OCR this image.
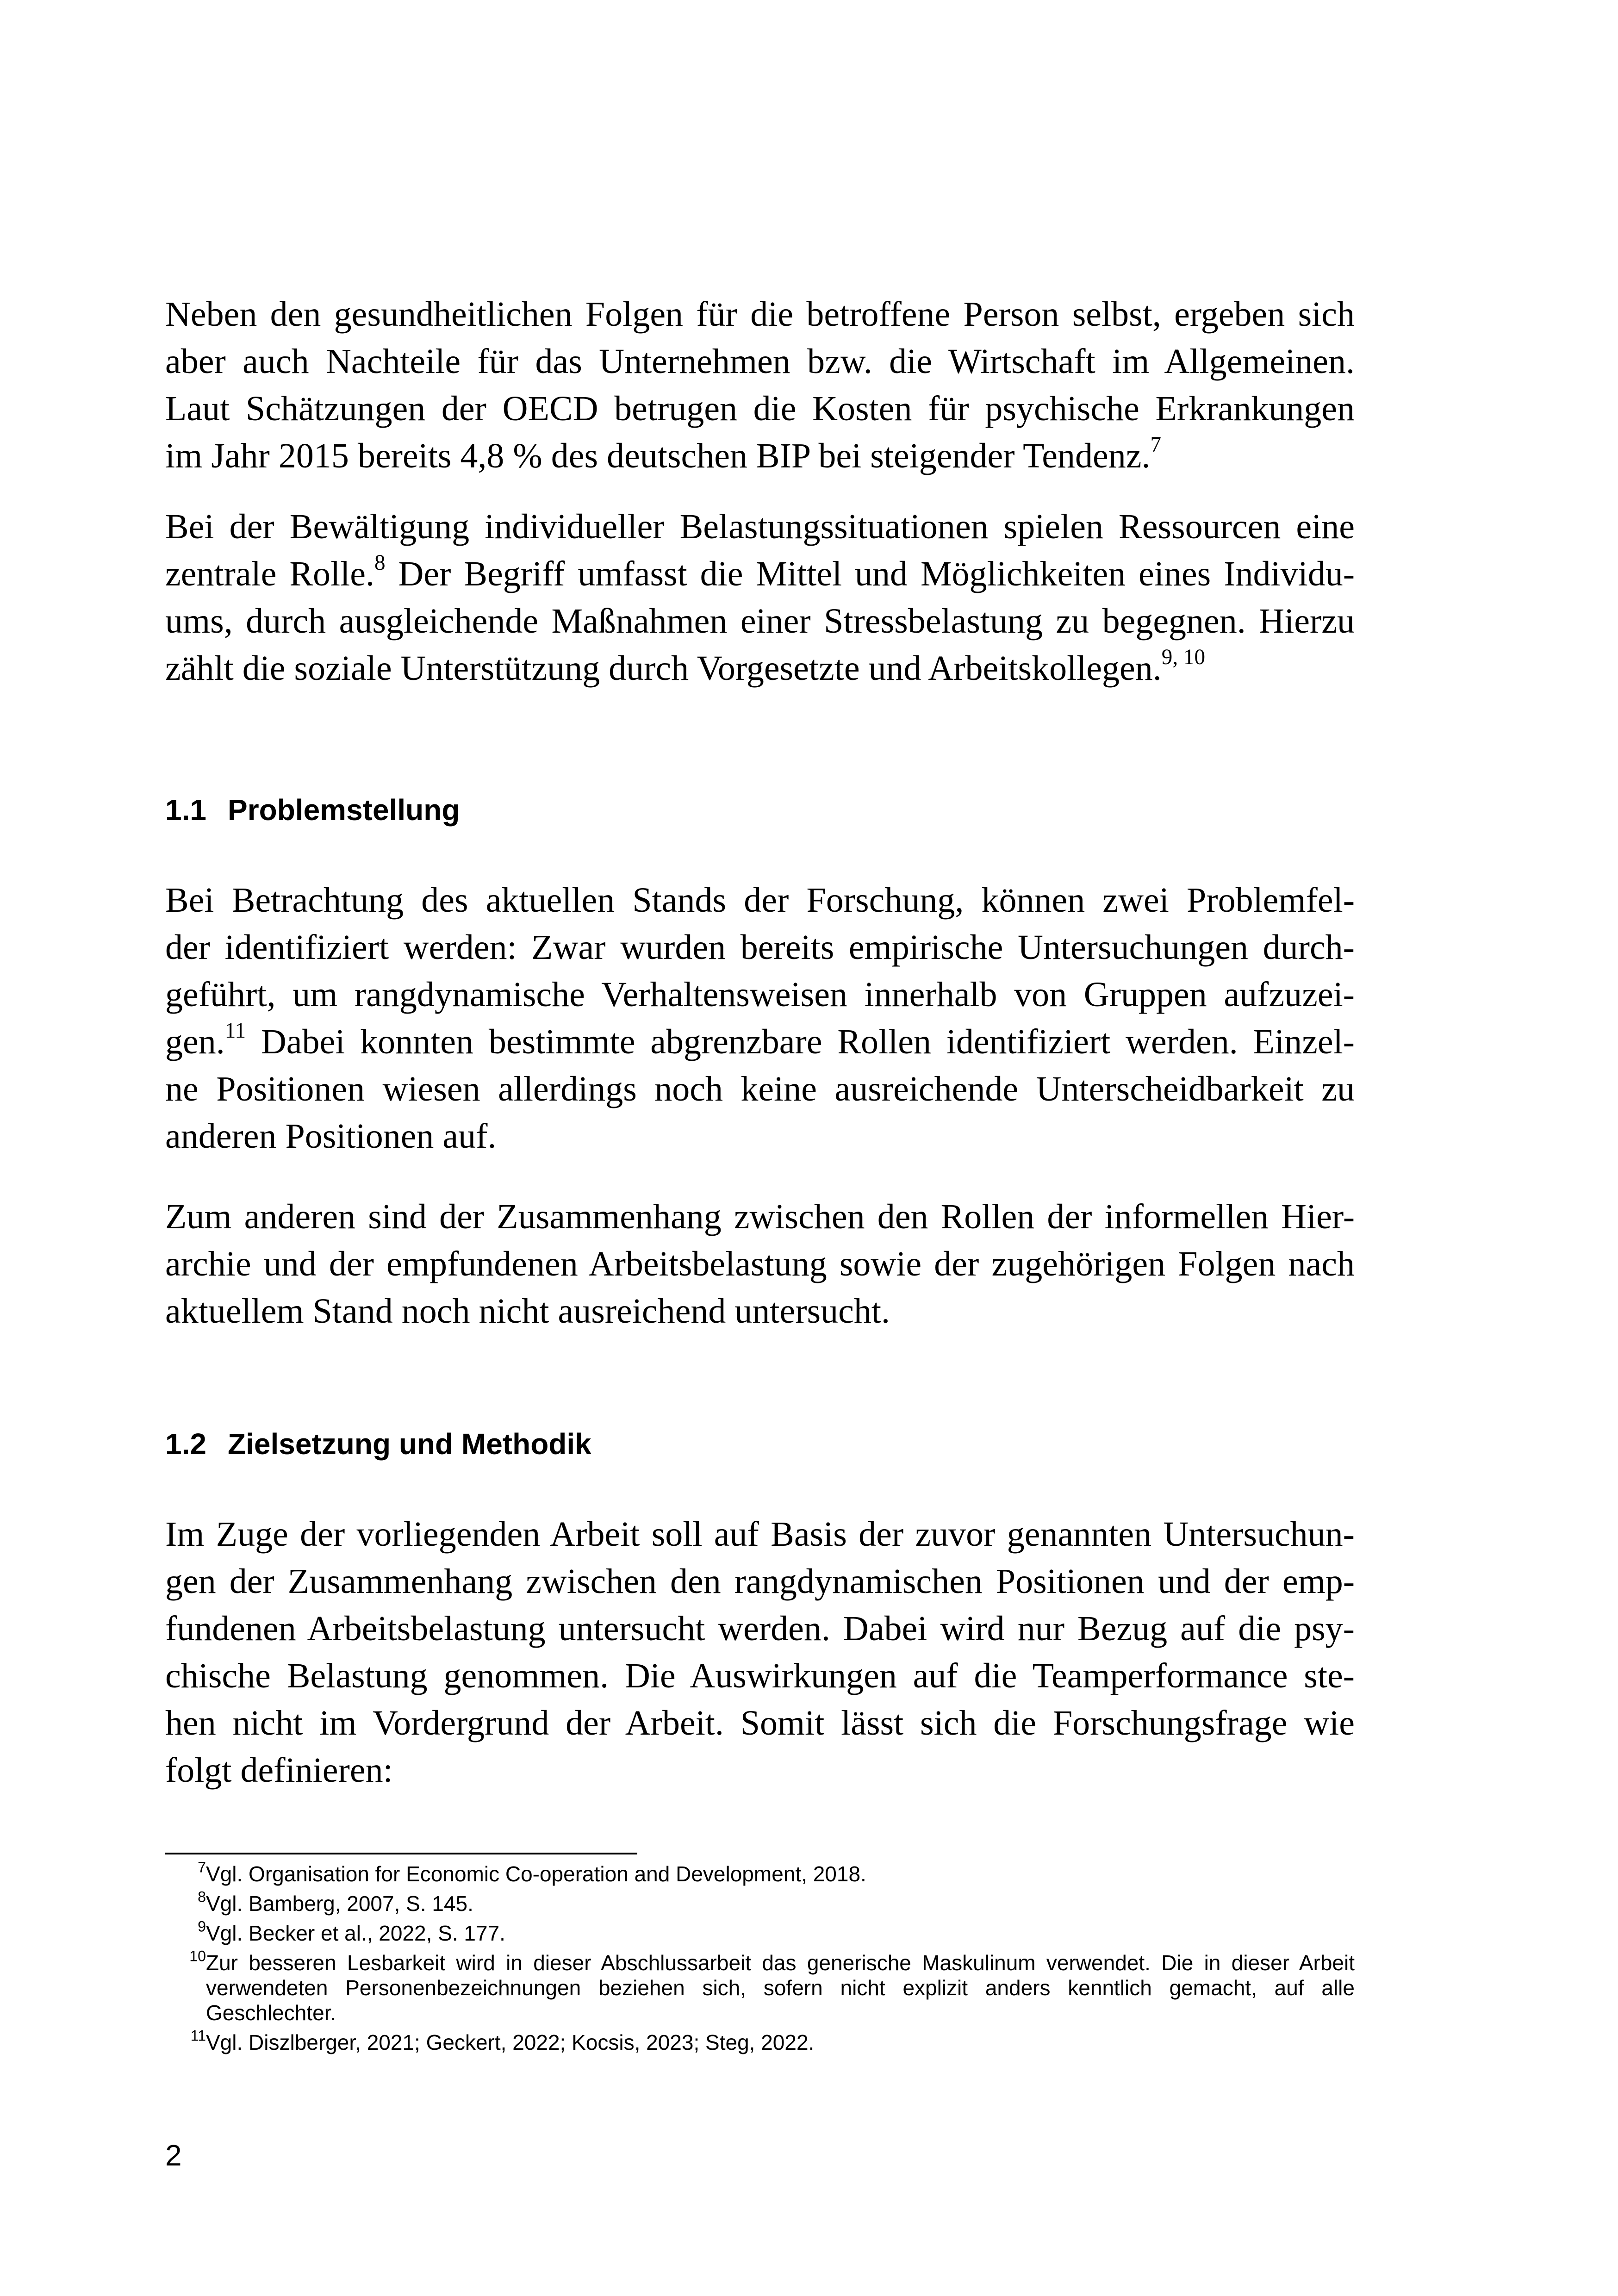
Neben den gesundheitlichen Folgen für die betroffene Person selbst, ergeben sich
aber auch Nachteile für das Unternehmen bzw. die Wirtschaft im Allgemeinen.
Laut Schätzungen der OECD betrugen die Kosten für psychische Erkrankungen
im Jahr 2015 bereits 4,8 % des deutschen BIP bei steigender Tendenz.$^7$

Bei der Bewältigung individueller Belastungssituationen spielen Ressourcen eine
zentrale Rolle.$^8$ Der Begriff umfasst die Mittel und Möglichkeiten eines Individu-
ums, durch ausgleichende Maßnahmen einer Stressbelastung zu begegnen. Hierzu
zählt die soziale Unterstützung durch Vorgesetzte und Arbeitskollegen.$^{9, 10}$

1.1 Problemstellung

Bei Betrachtung des aktuellen Stands der Forschung, können zwei Problemfel-
der identifiziert werden: Zwar wurden bereits empirische Untersuchungen durch-
geführt, um rangdynamische Verhaltensweisen innerhalb von Gruppen aufzuzei-
gen.$^{11}$ Dabei konnten bestimmte abgrenzbare Rollen identifiziert werden. Einzel-
ne Positionen wiesen allerdings noch keine ausreichende Unterscheidbarkeit zu
anderen Positionen auf.

Zum anderen sind der Zusammenhang zwischen den Rollen der informellen Hier-
archie und der empfundenen Arbeitsbelastung sowie der zugehörigen Folgen nach
aktuellem Stand noch nicht ausreichend untersucht.

1.2 Zielsetzung und Methodik

Im Zuge der vorliegenden Arbeit soll auf Basis der zuvor genannten Untersuchun-
gen der Zusammenhang zwischen den rangdynamischen Positionen und der emp-
fundenen Arbeitsbelastung untersucht werden. Dabei wird nur Bezug auf die psy-
chische Belastung genommen. Die Auswirkungen auf die Teamperformance ste-
hen nicht im Vordergrund der Arbeit. Somit lässt sich die Forschungsfrage wie
folgt definieren:

$^7$ Vgl. Organisation for Economic Co-operation and Development, 2018.
$^8$ Vgl. Bamberg, 2007, S. 145.
$^9$ Vgl. Becker et al., 2022, S. 177.
$^{10}$ Zur besseren Lesbarkeit wird in dieser Abschlussarbeit das generische Maskulinum verwendet. Die in dieser Arbeit verwendeten Personenbezeichnungen beziehen sich, sofern nicht explizit anders kenntlich gemacht, auf alle Geschlechter.
$^{11}$ Vgl. Diszlberger, 2021; Geckert, 2022; Kocsis, 2023; Steg, 2022.
2
